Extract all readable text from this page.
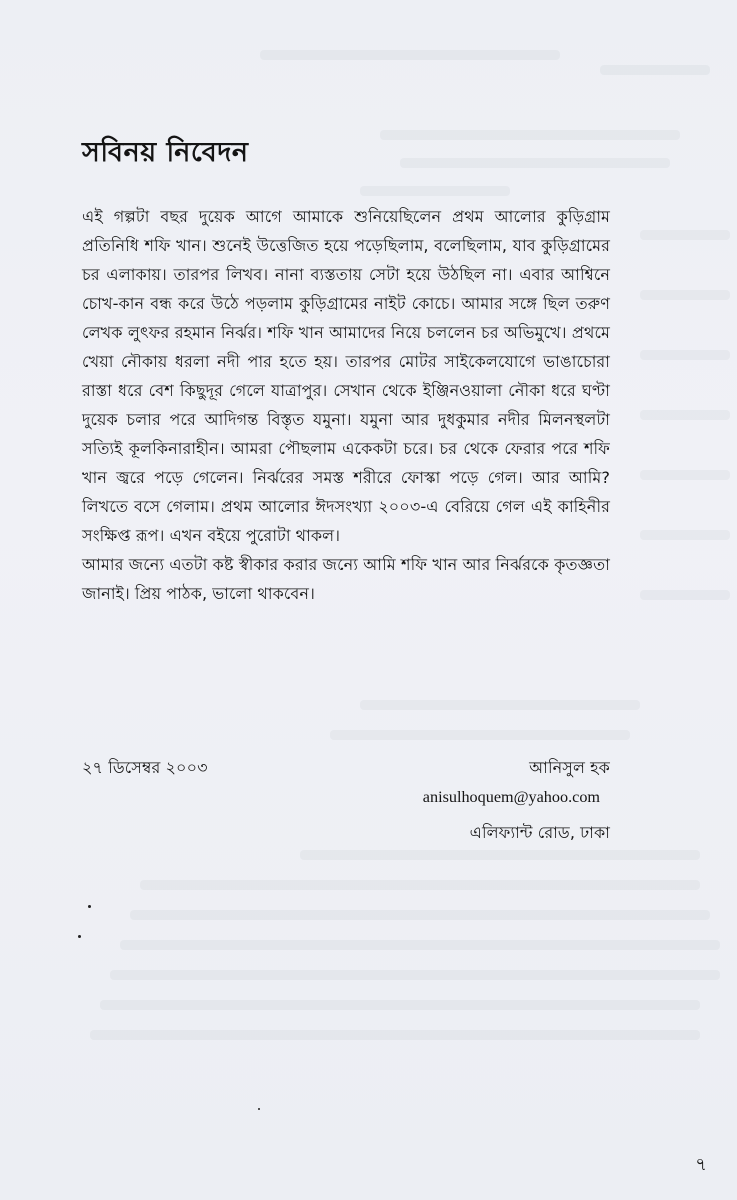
সবিনয় নিবেদন

এই গল্পটা বছর দুয়েক আগে আমাকে শুনিয়েছিলেন প্রথম আলোর কুড়িগ্রাম প্রতিনিধি শফি খান। শুনেই উত্তেজিত হয়ে পড়েছিলাম, বলেছিলাম, যাব কুড়িগ্রামের চর এলাকায়। তারপর লিখব। নানা ব্যস্ততায় সেটা হয়ে উঠছিল না। এবার আশ্বিনে চোখ-কান বন্ধ করে উঠে পড়লাম কুড়িগ্রামের নাইট কোচে। আমার সঙ্গে ছিল তরুণ লেখক লুৎফর রহমান নির্ঝর। শফি খান আমাদের নিয়ে চললেন চর অভিমুখে। প্রথমে খেয়া নৌকায় ধরলা নদী পার হতে হয়। তারপর মোটর সাইকেলযোগে ভাঙাচোরা রাস্তা ধরে বেশ কিছুদূর গেলে যাত্রাপুর। সেখান থেকে ইঞ্জিনওয়ালা নৌকা ধরে ঘণ্টা দুয়েক চলার পরে আদিগন্ত বিস্তৃত যমুনা। যমুনা আর দুধকুমার নদীর মিলনস্থলটা সত্যিই কূলকিনারাহীন। আমরা পৌছলাম একেকটা চরে। চর থেকে ফেরার পরে শফি খান জ্বরে পড়ে গেলেন। নির্ঝরের সমস্ত শরীরে ফোস্কা পড়ে গেল। আর আমি? লিখতে বসে গেলাম। প্রথম আলোর ঈদসংখ্যা ২০০৩-এ বেরিয়ে গেল এই কাহিনীর সংক্ষিপ্ত রূপ। এখন বইয়ে পুরোটা থাকল।

আমার জন্যে এতটা কষ্ট স্বীকার করার জন্যে আমি শফি খান আর নির্ঝরকে কৃতজ্ঞতা জানাই। প্রিয় পাঠক, ভালো থাকবেন।

২৭ ডিসেম্বর ২০০৩	আনিসুল হক
anisulhoquem@yahoo.com
এলিফ্যান্ট রোড, ঢাকা
৭
